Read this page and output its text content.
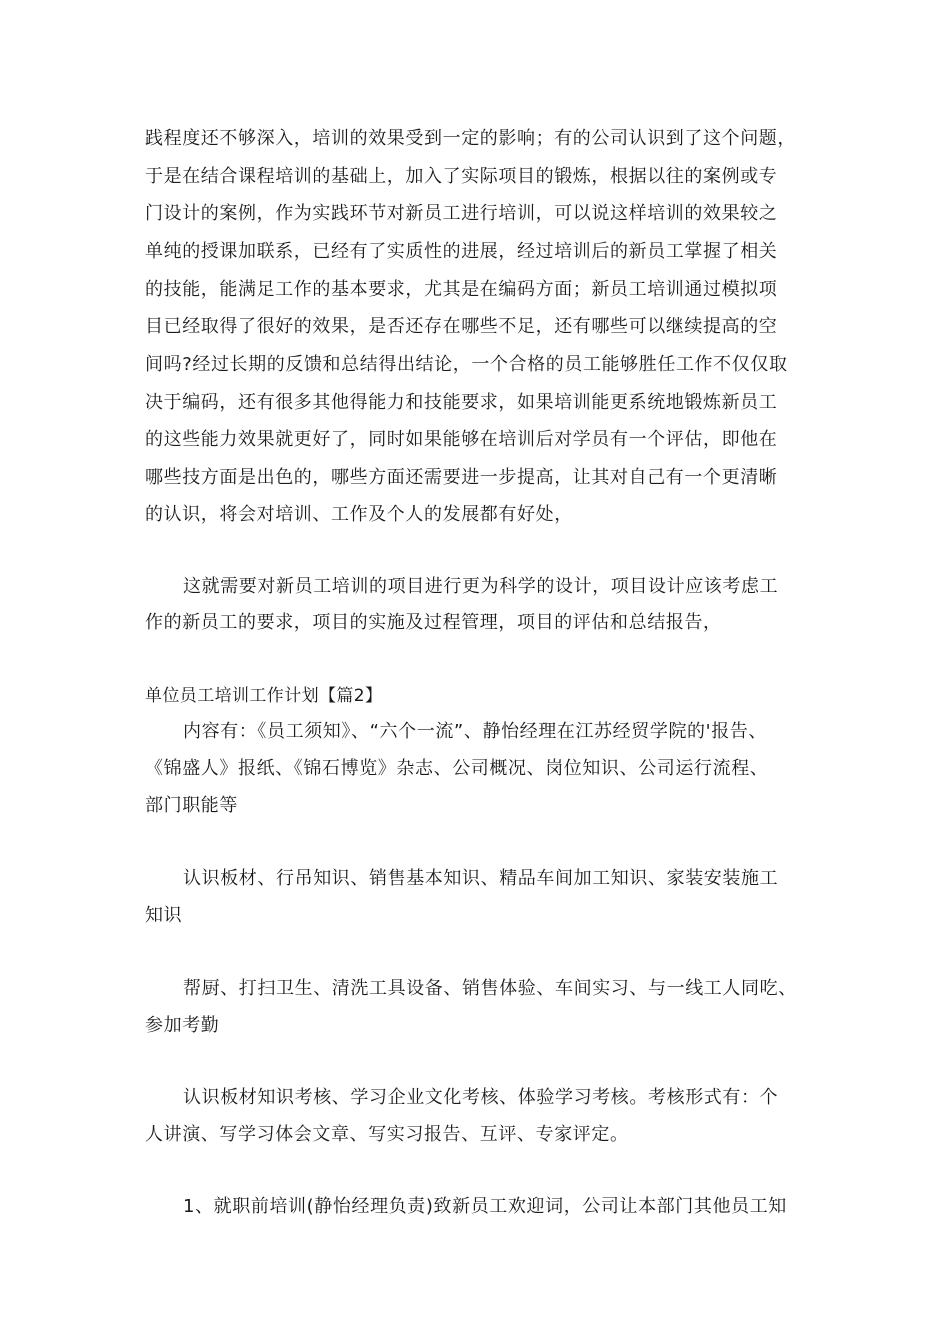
践程度还不够深入，培训的效果受到一定的影响；有的公司认识到了这个问题，
于是在结合课程培训的基础上，加入了实际项目的锻炼，根据以往的案例或专
门设计的案例，作为实践环节对新员工进行培训，可以说这样培训的效果较之
单纯的授课加联系，已经有了实质性的进展，经过培训后的新员工掌握了相关
的技能，能满足工作的基本要求，尤其是在编码方面；新员工培训通过模拟项
目已经取得了很好的效果，是否还存在哪些不足，还有哪些可以继续提高的空
间吗?经过长期的反馈和总结得出结论，一个合格的员工能够胜任工作不仅仅取
决于编码，还有很多其他得能力和技能要求，如果培训能更系统地锻炼新员工
的这些能力效果就更好了，同时如果能够在培训后对学员有一个评估，即他在
哪些技方面是出色的，哪些方面还需要进一步提高，让其对自己有一个更清晰
的认识，将会对培训、工作及个人的发展都有好处，
这就需要对新员工培训的项目进行更为科学的设计，项目设计应该考虑工
作的新员工的要求，项目的实施及过程管理，项目的评估和总结报告，
单位员工培训工作计划【篇2】
内容有：《员工须知》、“六个一流”、静怡经理在江苏经贸学院的'报告、
《锦盛人》报纸、《锦石博览》杂志、公司概况、岗位知识、公司运行流程、
部门职能等
认识板材、行吊知识、销售基本知识、精品车间加工知识、家装安装施工
知识
帮厨、打扫卫生、清洗工具设备、销售体验、车间实习、与一线工人同吃、
参加考勤
认识板材知识考核、学习企业文化考核、体验学习考核。考核形式有：个
人讲演、写学习体会文章、写实习报告、互评、专家评定。
1、就职前培训(静怡经理负责)致新员工欢迎词，公司让本部门其他员工知
